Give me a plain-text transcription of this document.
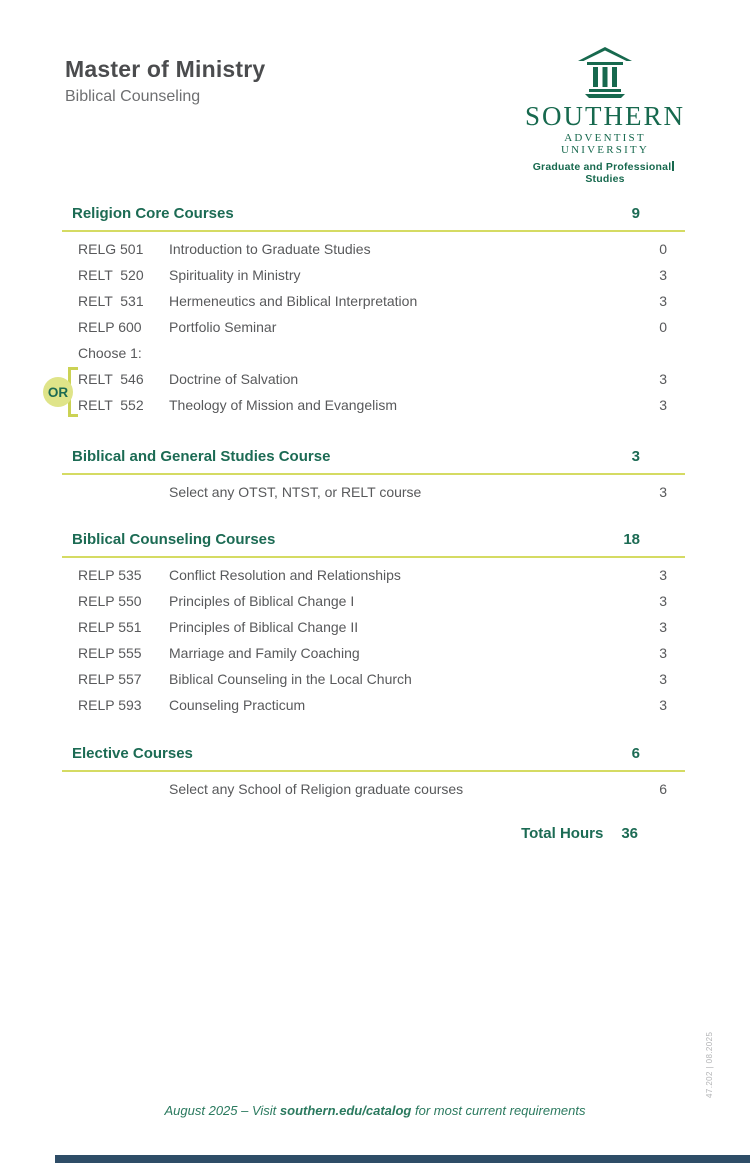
Master of Ministry
Biblical Counseling
SOUTHERN
ADVENTIST UNIVERSITY
Graduate and ProfessionalStudies
Religion Core Courses	9
RELG 501	Introduction to Graduate Studies	0
RELT  520	Spirituality in Ministry	3
RELT  531	Hermeneutics and Biblical Interpretation	3
RELP 600	Portfolio Seminar	0
Choose 1:
OR
RELT  546	Doctrine of Salvation	3
RELT  552	Theology of Mission and Evangelism	3
Biblical and General Studies Course	3
Select any OTST, NTST, or RELT course	3
Biblical Counseling Courses	18
RELP 535	Conflict Resolution and Relationships	3
RELP 550	Principles of Biblical Change I	3
RELP 551	Principles of Biblical Change II	3
RELP 555	Marriage and Family Coaching	3
RELP 557	Biblical Counseling in the Local Church	3
RELP 593	Counseling Practicum	3
Elective Courses	6
Select any School of Religion graduate courses	6
Total Hours 36
August 2025 – Visit southern.edu/catalog for most current requirements
47.202 | 08.2025
